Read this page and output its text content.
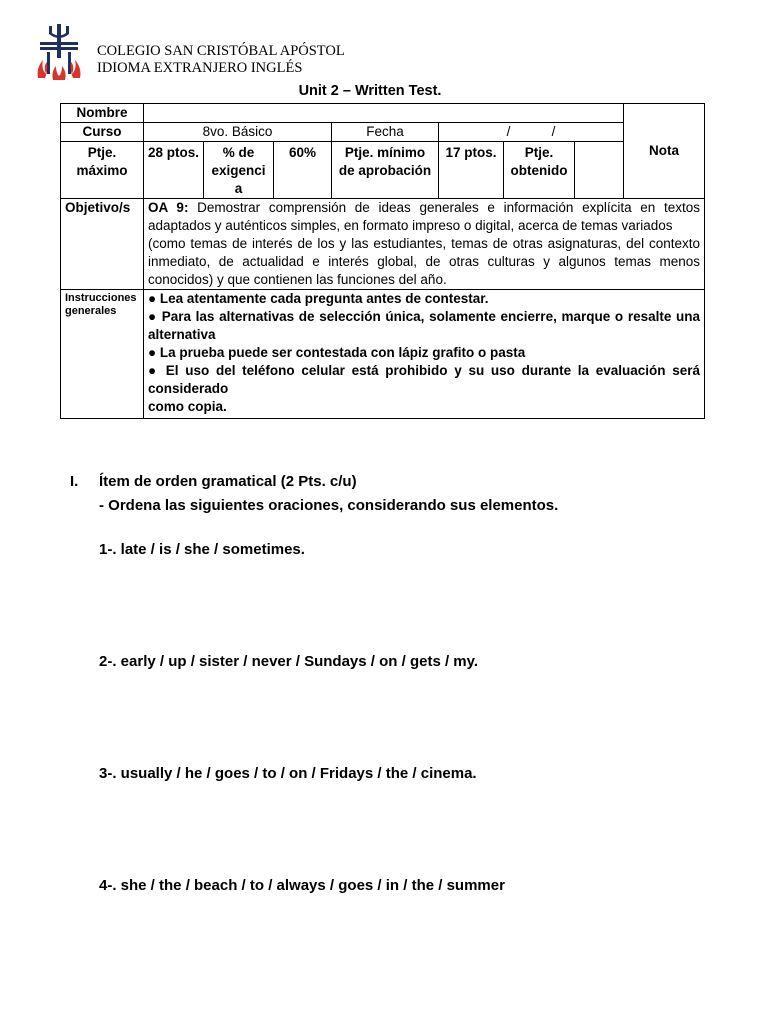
COLEGIO SAN CRISTÓBAL APÓSTOL
IDIOMA EXTRANJERO INGLÉS
Unit 2 – Written Test.
Nombre								Nota
Curso	8vo. Básico			Fecha	/           /			
Ptje. máximo	28 ptos.	% de exigenci a	60%	Ptje. mínimo de aprobación	17 ptos.	Ptje. obtenido		
Objetivo/s	OA 9: Demostrar comprensión de ideas generales e información explícita en textos adaptados y auténticos simples, en formato impreso o digital, acerca de temas variados
(como temas de interés de los y las estudiantes, temas de otras asignaturas, del contexto inmediato, de actualidad e interés global, de otras culturas y algunos temas menos conocidos) y que contienen las funciones del año.							
Instrucciones generales	● Lea atentamente cada pregunta antes de contestar.
● Para las alternativas de selección única, solamente encierre, marque o resalte una alternativa
● La prueba puede ser contestada con lápiz grafito o pasta
● El uso del teléfono celular está prohibido y su uso durante la evaluación será considerado
como copia.							
I. Ítem de orden gramatical (2 Pts. c/u)
- Ordena las siguientes oraciones, considerando sus elementos.
1-. late / is / she / sometimes.
2-. early / up / sister / never / Sundays / on / gets / my.
3-. usually / he / goes / to / on / Fridays / the / cinema.
4-. she / the / beach / to / always / goes / in / the / summer
